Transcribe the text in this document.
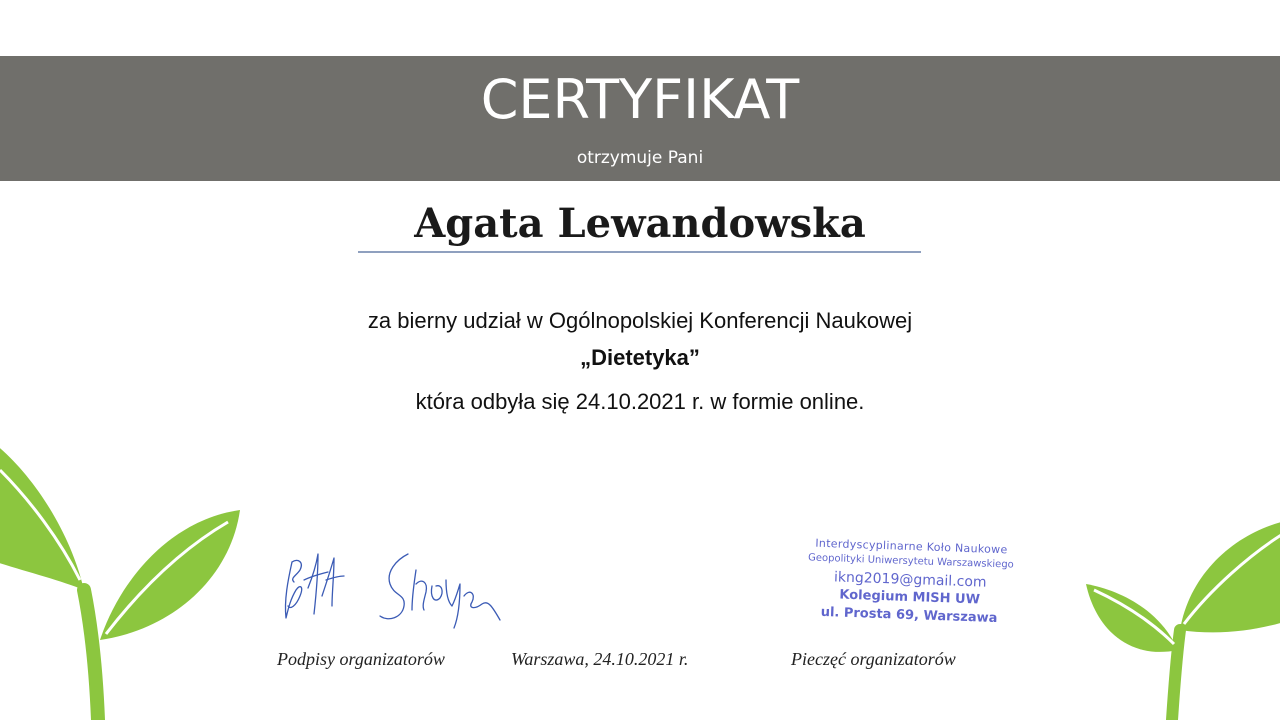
CERTYFIKAT
otrzymuje Pani
Agata Lewandowska
za bierny udział w Ogólnopolskiej Konferencji Naukowej
„Dietetyka”
która odbyła się 24.10.2021 r. w formie online.
Interdyscyplinarne Koło Naukowe
Geopolityki Uniwersytetu Warszawskiego
ikng2019@gmail.com
Kolegium MISH UW
ul. Prosta 69, Warszawa
Podpisy organizatorów	Warszawa, 24.10.2021 r.	Pieczęć organizatorów
